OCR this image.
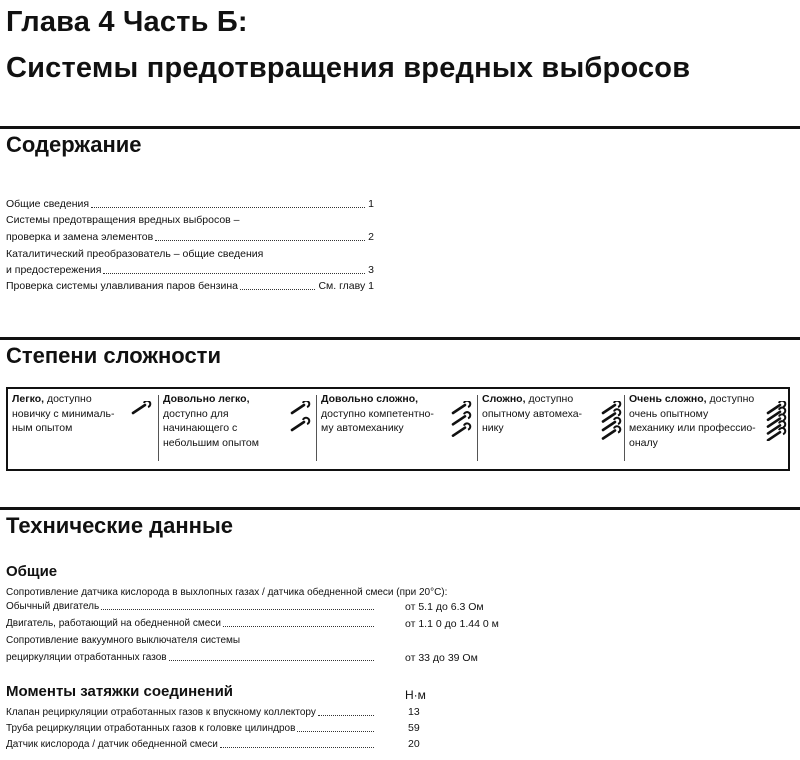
Глава 4 Часть Б:
Системы предотвращения вредных выбросов
Содержание
Общие сведения	1
Системы предотвращения вредных выбросов –
проверка и замена элементов	2
Каталитический преобразователь – общие сведения
и предостережения	3
Проверка системы улавливания паров бензина	См. главу 1
Степени сложности
Легко, доступно
новичку с минималь-
ным опытом
Довольно легко,
доступно для
начинающего с
небольшим опытом
Довольно сложно,
доступно компетентно-
му автомеханику
Сложно, доступно
опытному автомеха-
нику
Очень сложно, доступно
очень опытному
механику или профессио-
оналу
Технические данные
Общие
Сопротивление датчика кислорода в выхлопных газах / датчика обедненной смеси (при 20°С):
Обычный двигатель	от 5.1 до 6.3 Ом
Двигатель, работающий на обедненной смеси	от 1.1 0 до 1.44 0 м
Сопротивление вакуумного выключателя системы
рециркуляции отработанных газов	от 33 до 39 Ом
Моменты затяжки соединений	Н·м
Клапан рециркуляции отработанных газов к впускному коллектору	13
Труба рециркуляции отработанных газов к головке цилиндров	59
Датчик кислорода / датчик обедненной смеси	20
